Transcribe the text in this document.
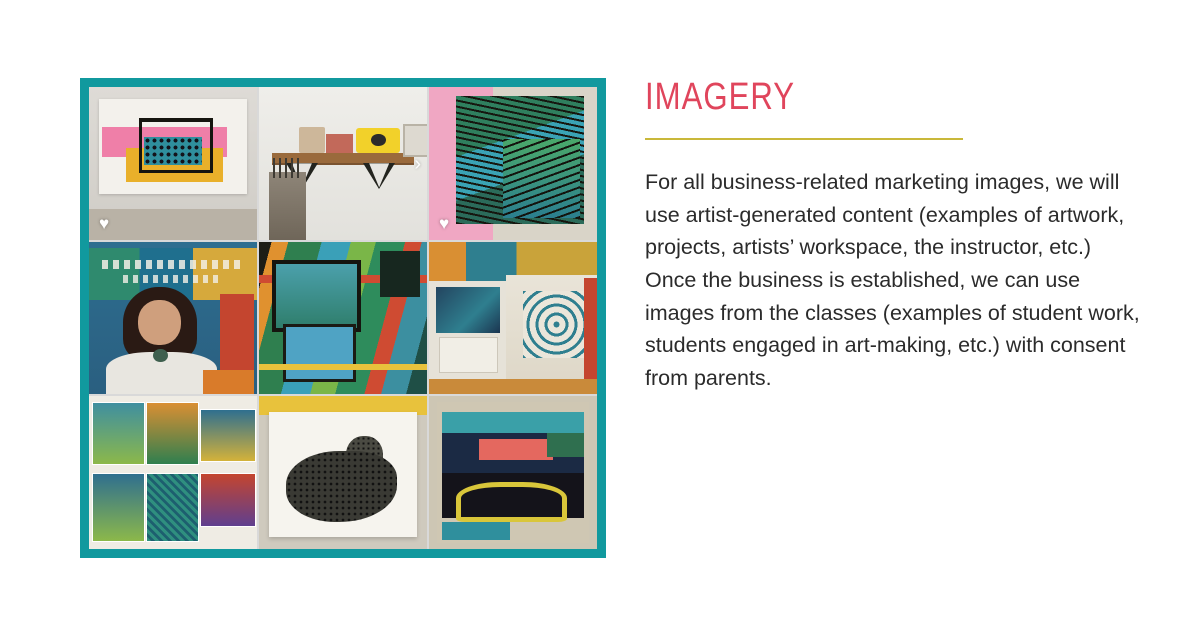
♥
›
♥
IMAGERY

For all business-related marketing images, we will use artist-generated content (examples of artwork, projects, artists’ workspace, the instructor, etc.) Once the business is established, we can use images from the classes (examples of student work, students engaged in art-making, etc.) with consent from parents.
